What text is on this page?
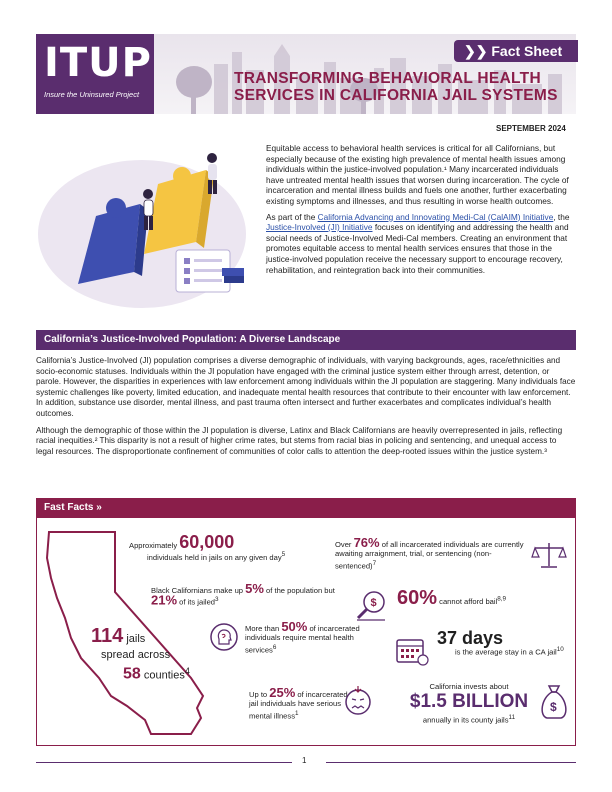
ITUP
Insure the Uninsured Project
❯❯ Fact Sheet
TRANSFORMING BEHAVIORAL HEALTH
SERVICES IN CALIFORNIA JAIL SYSTEMS
SEPTEMBER 2024

Equitable access to behavioral health services is critical for all Californians, but especially because of the existing high prevalence of mental health issues among individuals within the justice-involved population.¹ Many incarcerated individuals have untreated mental health issues that worsen during incarceration. The cycle of incarceration and mental illness builds and fuels one another, further exacerbating existing symptoms and illnesses, and thus resulting in worse health outcomes.

As part of the California Advancing and Innovating Medi-Cal (CalAIM) Initiative, the Justice-Involved (JI) Initiative focuses on identifying and addressing the health and social needs of Justice-Involved Medi-Cal members. Creating an environment that promotes equitable access to mental health services ensures that those in the justice-involved population receive the necessary support to encourage recovery, rehabilitation, and reintegration back into their communities.

California’s Justice-Involved Population: A Diverse Landscape

California’s Justice-Involved (JI) population comprises a diverse demographic of individuals, with varying backgrounds, ages, race/ethnicities and socio-economic statuses. Individuals within the JI population have engaged with the criminal justice system either through arrest, detention, or parole. However, the disparities in experiences with law enforcement among individuals within the JI population are staggering. Many individuals face systemic challenges like poverty, limited education, and inadequate mental health resources that contribute to their encounter with law enforcement. In addition, substance use disorder, mental illness, and past trauma often intersect and further exacerbates and complicates individual’s health outcomes.

Although the demographic of those within the JI population is diverse, Latinx and Black Californians are heavily overrepresented in jails, reflecting racial inequities.² This disparity is not a result of higher crime rates, but stems from racial bias in policing and sentencing, and unequal access to legal resources. The disproportionate confinement of communities of color calls to attention the deep-rooted issues within the justice system.³

Fast Facts »
Approximately 60,000
individuals held in jails on any given day$^5$
Black Californians make up 5% of the population but 21% of its jailed$^3$
114 jails
spread across
58 counties$^4$
More than 50% of incarcerated individuals require mental health services$^6$
Up to 25% of incarcerated jail individuals have serious mental illness$^1$
Over 76% of all incarcerated individuals are currently awaiting arraignment, trial, or sentencing (non-sentenced)$^7$
$ 60% cannot afford bail$^{8,9}$
37 days
is the average stay in a CA jail$^{10}$
California invests about
$1.5 BILLION
annually in its county jails$^{11}$
$
1
